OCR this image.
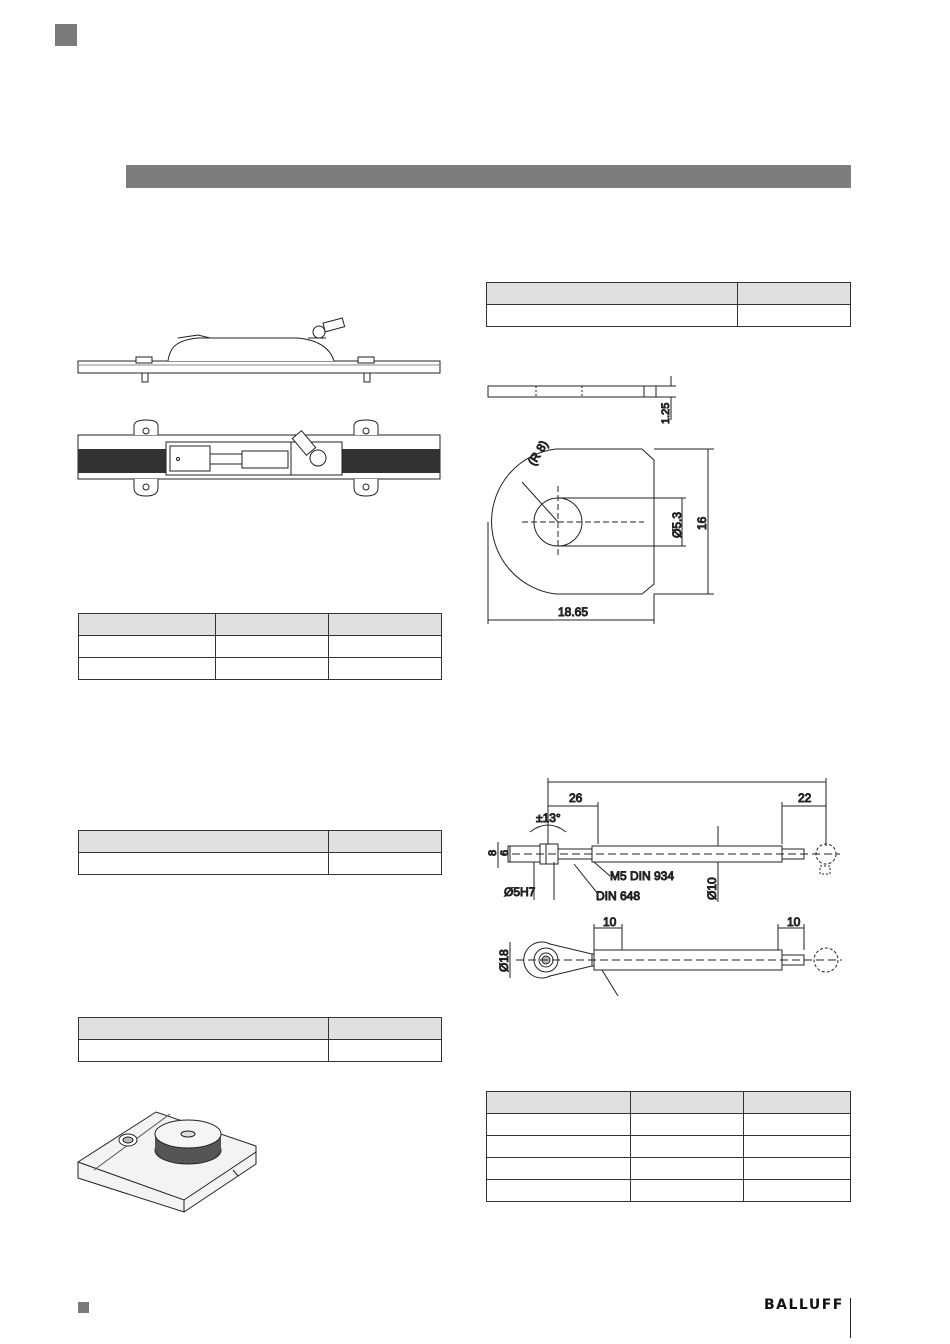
BALLUFF
1.25
(R 8)
Ø5.3 16
18.65
26	22
±13°
8 6
M5 DIN 934
DIN 648
Ø5H7	Ø10
10	10
Ø18
